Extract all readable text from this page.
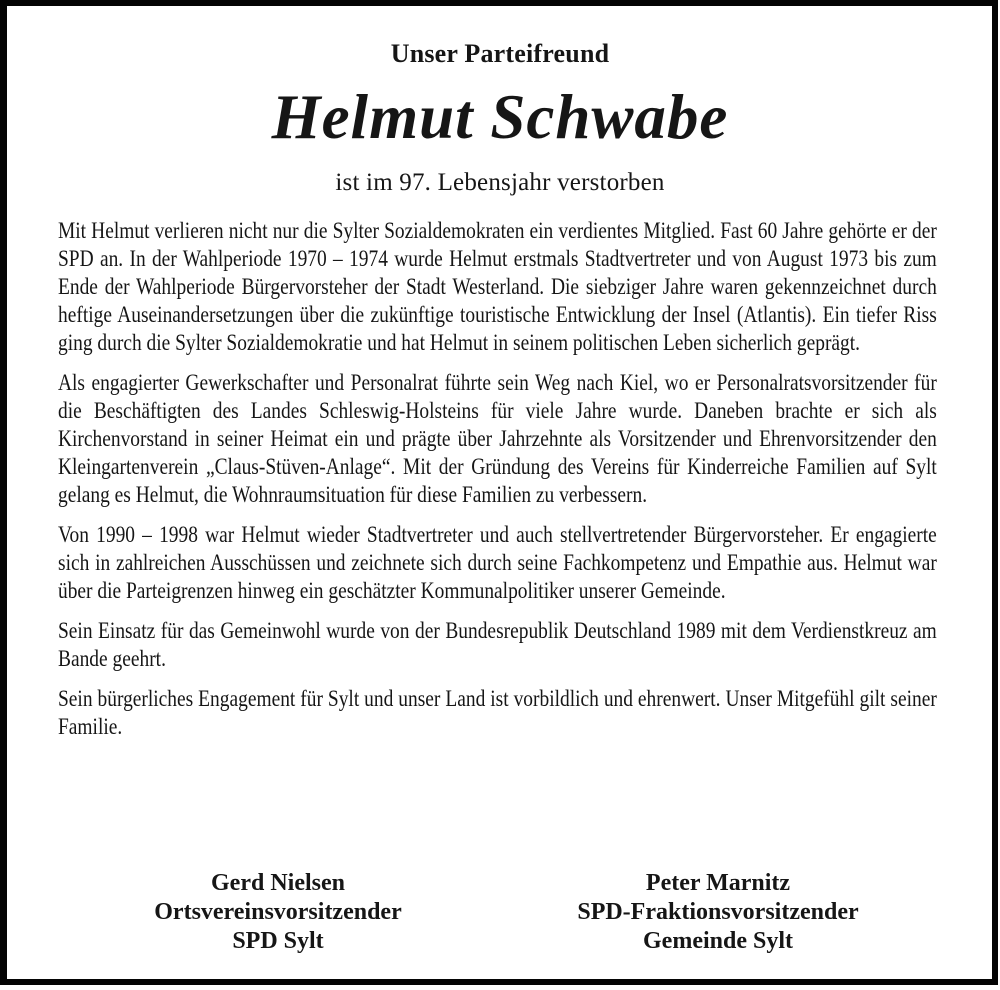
Unser Parteifreund
Helmut Schwabe
ist im 97. Lebensjahr verstorben

Mit Helmut verlieren nicht nur die Sylter Sozialdemokraten ein verdientes Mitglied. Fast 60 Jahre gehörte er der SPD an. In der Wahlperiode 1970 – 1974 wurde Helmut erstmals Stadtvertreter und von August 1973 bis zum Ende der Wahlperiode Bürgervorsteher der Stadt Westerland. Die siebziger Jahre waren gekennzeichnet durch heftige Auseinandersetzungen über die zukünftige touristische Entwicklung der Insel (Atlantis). Ein tiefer Riss ging durch die Sylter Sozialdemokratie und hat Helmut in seinem politischen Leben sicherlich geprägt.

Als engagierter Gewerkschafter und Personalrat führte sein Weg nach Kiel, wo er Personalratsvorsitzender für die Beschäftigten des Landes Schleswig-Holsteins für viele Jahre wurde. Daneben brachte er sich als Kirchenvorstand in seiner Heimat ein und prägte über Jahrzehnte als Vorsitzender und Ehrenvorsitzender den Kleingartenverein „Claus-Stüven-Anlage“. Mit der Gründung des Vereins für Kinderreiche Familien auf Sylt gelang es Helmut, die Wohnraumsituation für diese Familien zu verbessern.

Von 1990 – 1998 war Helmut wieder Stadtvertreter und auch stellvertretender Bürgervorsteher. Er engagierte sich in zahlreichen Ausschüssen und zeichnete sich durch seine Fachkompetenz und Empathie aus. Helmut war über die Parteigrenzen hinweg ein geschätzter Kommunalpolitiker unserer Gemeinde.

Sein Einsatz für das Gemeinwohl wurde von der Bundesrepublik Deutschland 1989 mit dem Verdienstkreuz am Bande geehrt.

Sein bürgerliches Engagement für Sylt und unser Land ist vorbildlich und ehrenwert. Unser Mitgefühl gilt seiner Familie.

Gerd Nielsen
Ortsvereinsvorsitzender
SPD Sylt
Peter Marnitz
SPD-Fraktionsvorsitzender
Gemeinde Sylt
